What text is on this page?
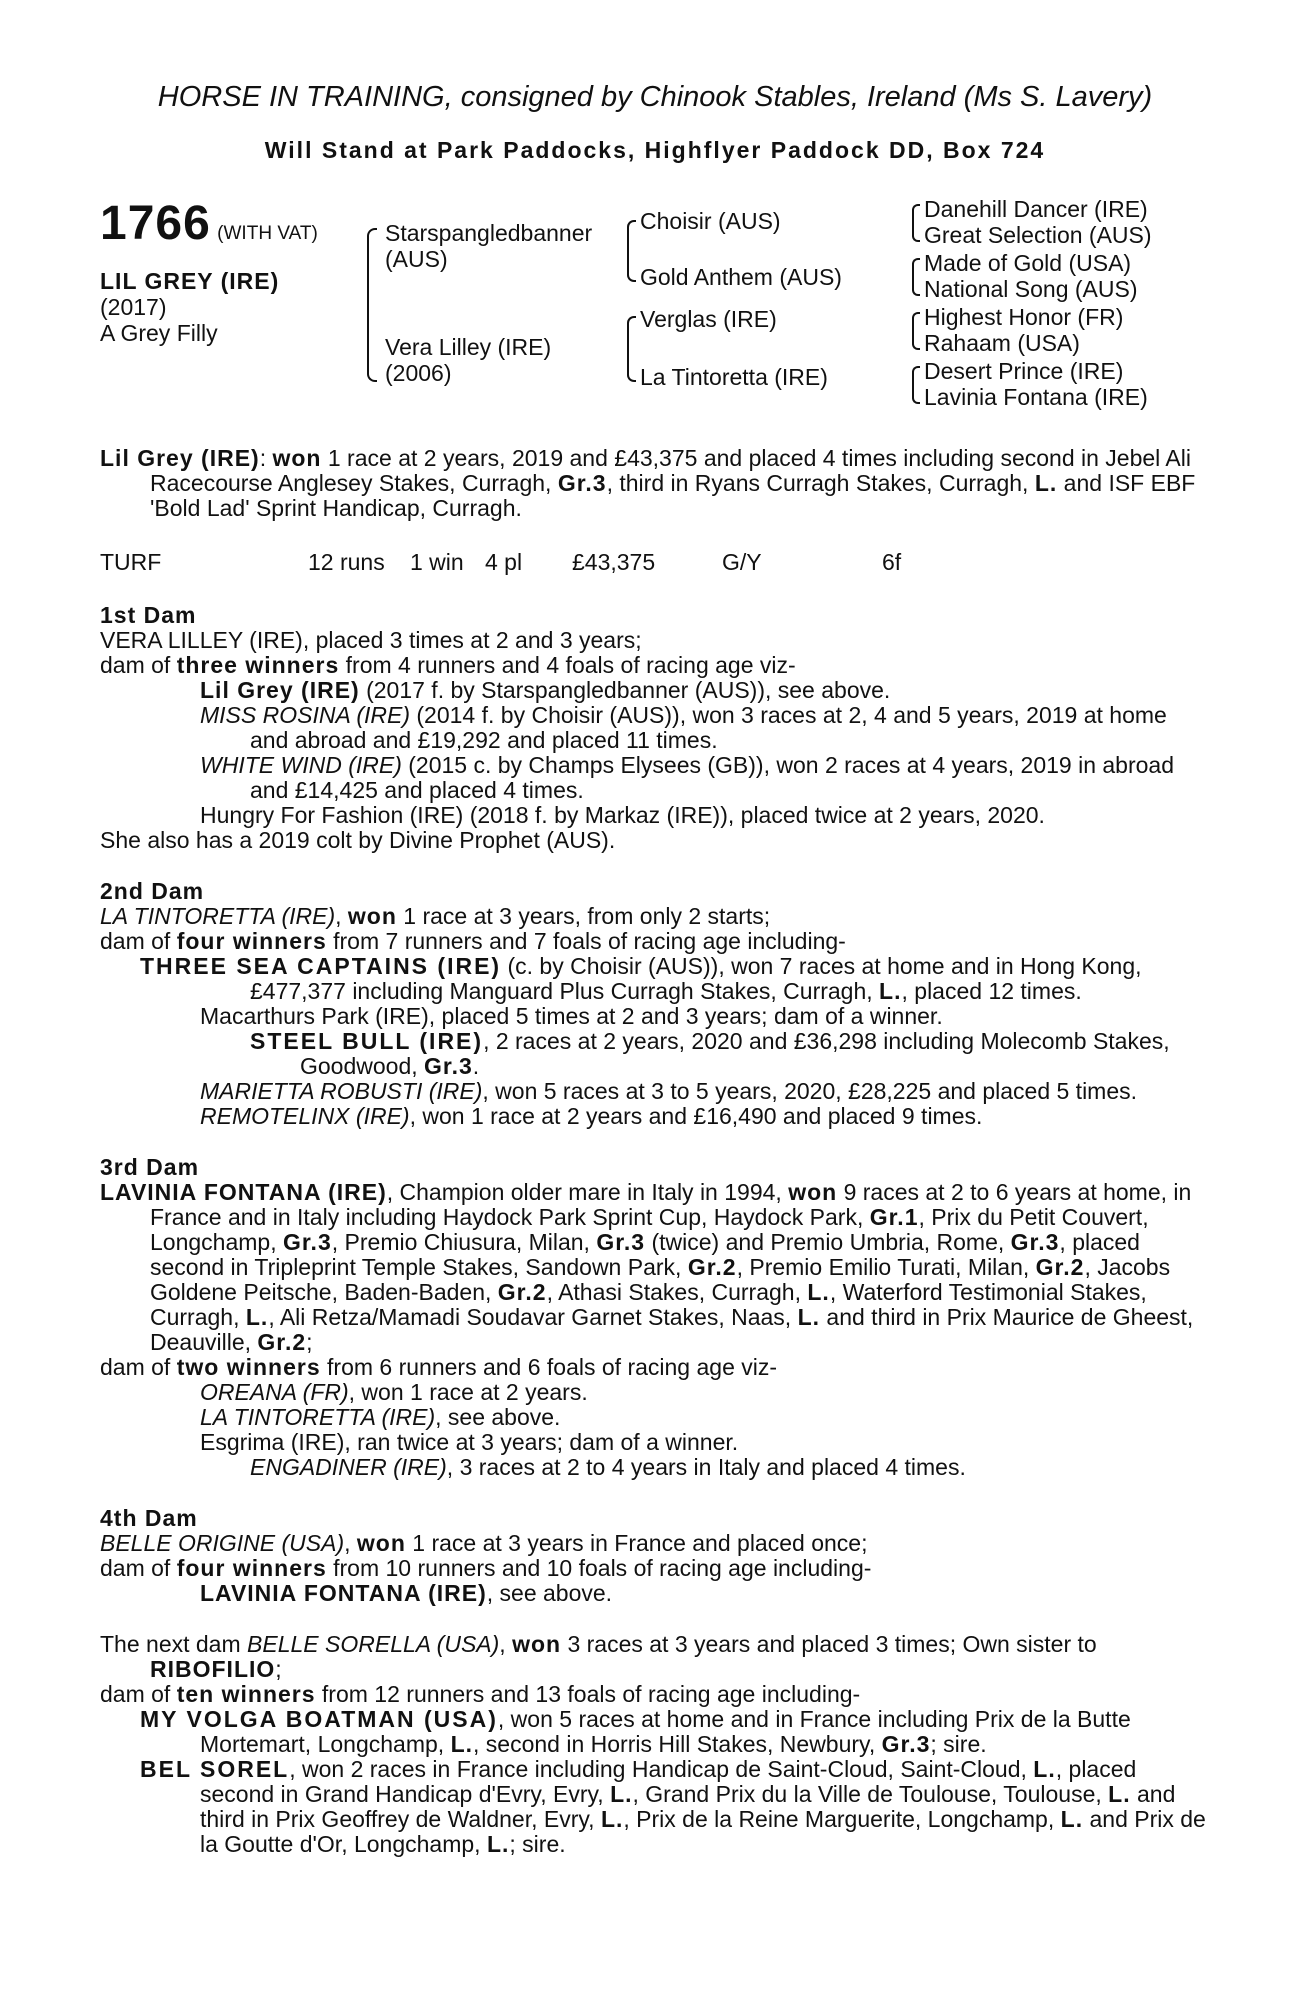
HORSE IN TRAINING, consigned by Chinook Stables, Ireland (Ms S. Lavery)
Will Stand at Park Paddocks, Highflyer Paddock DD, Box 724
1766 (WITH VAT)
LIL GREY (IRE)
(2017)
A Grey Filly
Starspangledbanner
(AUS)
Vera Lilley (IRE)
(2006)
Choisir (AUS)
Gold Anthem (AUS)
Verglas (IRE)
La Tintoretta (IRE)
Danehill Dancer (IRE)
Great Selection (AUS)
Made of Gold (USA)
National Song (AUS)
Highest Honor (FR)
Rahaam (USA)
Desert Prince (IRE)
Lavinia Fontana (IRE)

Lil Grey (IRE): won 1 race at 2 years, 2019 and £43,375 and placed 4 times including second in Jebel Ali Racecourse Anglesey Stakes, Curragh, Gr.3, third in Ryans Curragh Stakes, Curragh, L. and ISF EBF 'Bold Lad' Sprint Handicap, Curragh.

TURF	12 runs 1 win 4 pl £43,375	G/Y	6f
1st Dam

VERA LILLEY (IRE), placed 3 times at 2 and 3 years;

dam of three winners from 4 runners and 4 foals of racing age viz-

Lil Grey (IRE) (2017 f. by Starspangledbanner (AUS)), see above.

MISS ROSINA (IRE) (2014 f. by Choisir (AUS)), won 3 races at 2, 4 and 5 years, 2019 at home and abroad and £19,292 and placed 11 times.

WHITE WIND (IRE) (2015 c. by Champs Elysees (GB)), won 2 races at 4 years, 2019 in abroad and £14,425 and placed 4 times.

Hungry For Fashion (IRE) (2018 f. by Markaz (IRE)), placed twice at 2 years, 2020.

She also has a 2019 colt by Divine Prophet (AUS).

2nd Dam

LA TINTORETTA (IRE), won 1 race at 3 years, from only 2 starts;

dam of four winners from 7 runners and 7 foals of racing age including-

THREE SEA CAPTAINS (IRE) (c. by Choisir (AUS)), won 7 races at home and in Hong Kong, £477,377 including Manguard Plus Curragh Stakes, Curragh, L., placed 12 times.

Macarthurs Park (IRE), placed 5 times at 2 and 3 years; dam of a winner.

STEEL BULL (IRE), 2 races at 2 years, 2020 and £36,298 including Molecomb Stakes, Goodwood, Gr.3.

MARIETTA ROBUSTI (IRE), won 5 races at 3 to 5 years, 2020, £28,225 and placed 5 times.

REMOTELINX (IRE), won 1 race at 2 years and £16,490 and placed 9 times.

3rd Dam

LAVINIA FONTANA (IRE), Champion older mare in Italy in 1994, won 9 races at 2 to 6 years at home, in France and in Italy including Haydock Park Sprint Cup, Haydock Park, Gr.1, Prix du Petit Couvert, Longchamp, Gr.3, Premio Chiusura, Milan, Gr.3 (twice) and Premio Umbria, Rome, Gr.3, placed second in Tripleprint Temple Stakes, Sandown Park, Gr.2, Premio Emilio Turati, Milan, Gr.2, Jacobs Goldene Peitsche, Baden-Baden, Gr.2, Athasi Stakes, Curragh, L., Waterford Testimonial Stakes, Curragh, L., Ali Retza/Mamadi Soudavar Garnet Stakes, Naas, L. and third in Prix Maurice de Gheest, Deauville, Gr.2;

dam of two winners from 6 runners and 6 foals of racing age viz-

OREANA (FR), won 1 race at 2 years.

LA TINTORETTA (IRE), see above.

Esgrima (IRE), ran twice at 3 years; dam of a winner.

ENGADINER (IRE), 3 races at 2 to 4 years in Italy and placed 4 times.

4th Dam

BELLE ORIGINE (USA), won 1 race at 3 years in France and placed once;

dam of four winners from 10 runners and 10 foals of racing age including-

LAVINIA FONTANA (IRE), see above.

The next dam BELLE SORELLA (USA), won 3 races at 3 years and placed 3 times; Own sister to RIBOFILIO;

dam of ten winners from 12 runners and 13 foals of racing age including-

MY VOLGA BOATMAN (USA), won 5 races at home and in France including Prix de la Butte Mortemart, Longchamp, L., second in Horris Hill Stakes, Newbury, Gr.3; sire.

BEL SOREL, won 2 races in France including Handicap de Saint-Cloud, Saint-Cloud, L., placed second in Grand Handicap d'Evry, Evry, L., Grand Prix du la Ville de Toulouse, Toulouse, L. and third in Prix Geoffrey de Waldner, Evry, L., Prix de la Reine Marguerite, Longchamp, L. and Prix de la Goutte d'Or, Longchamp, L.; sire.
